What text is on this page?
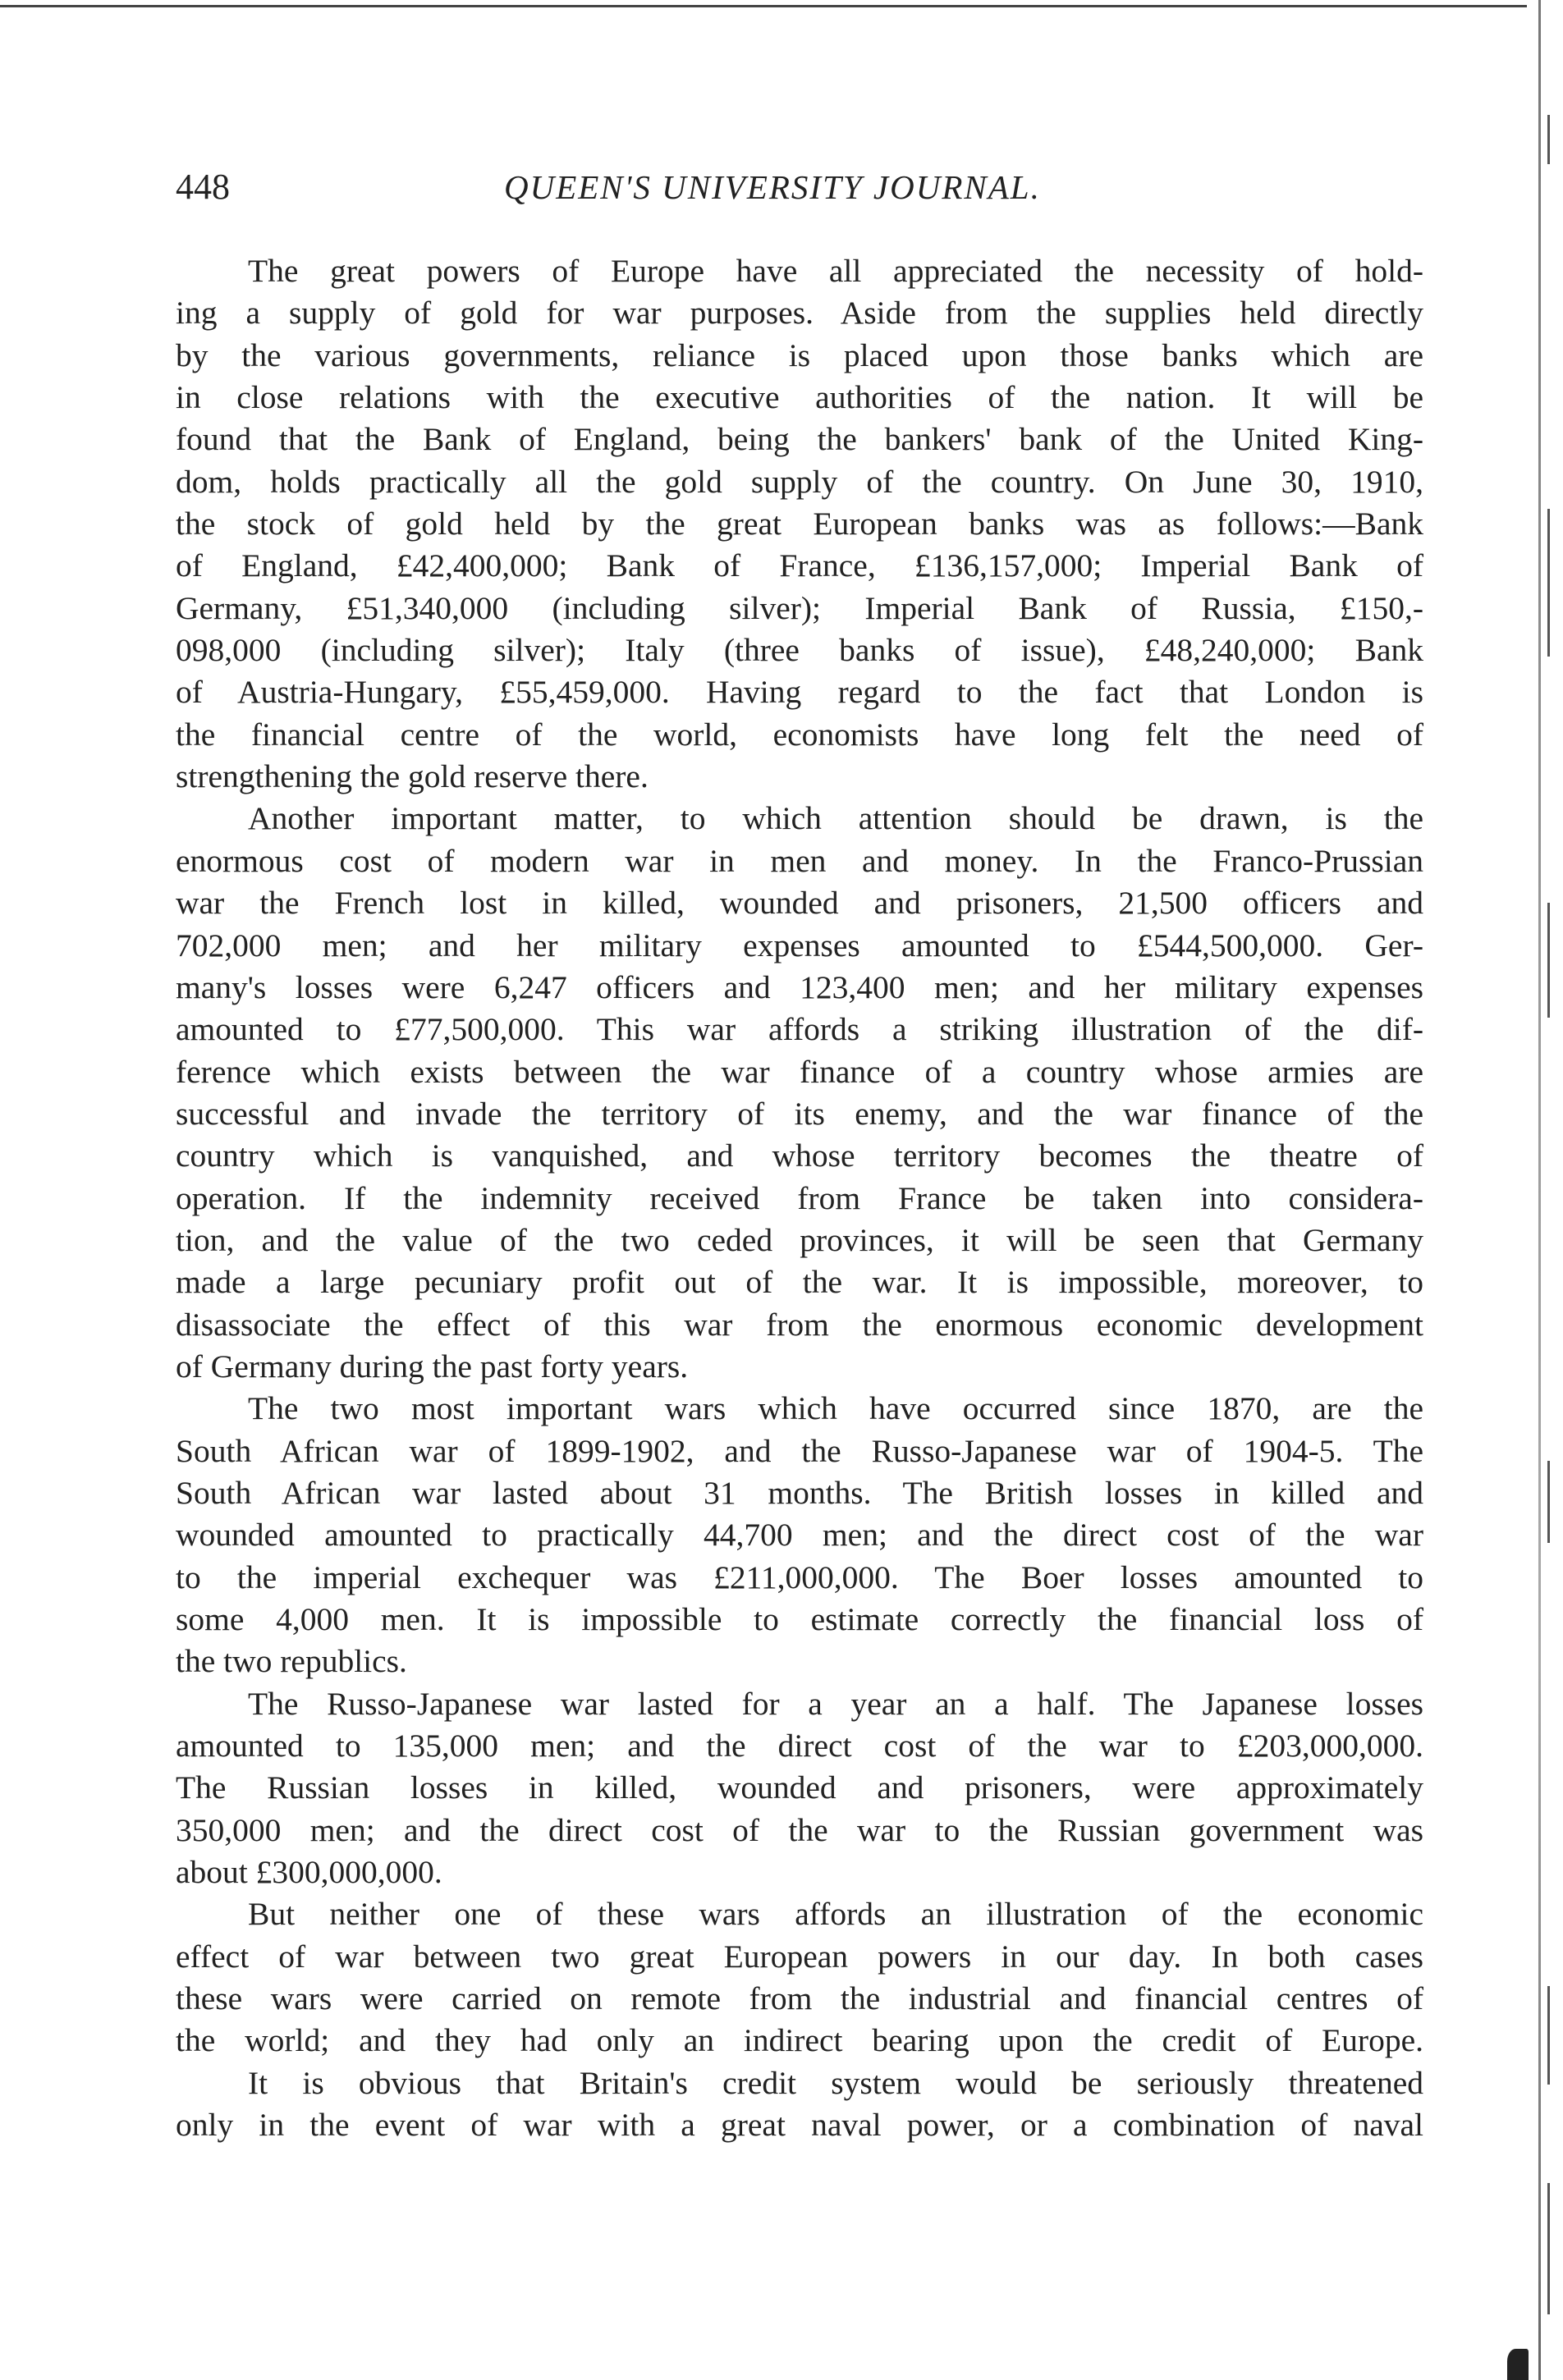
448	QUEEN'S UNIVERSITY JOURNAL.
The great powers of Europe have all appreciated the necessity of hold-
ing a supply of gold for war purposes. Aside from the supplies held directly
by the various governments, reliance is placed upon those banks which are
in close relations with the executive authorities of the nation. It will be
found that the Bank of England, being the bankers' bank of the United King-
dom, holds practically all the gold supply of the country. On June 30, 1910,
the stock of gold held by the great European banks was as follows:—Bank
of England, £42,400,000; Bank of France, £136,157,000; Imperial Bank of
Germany, £51,340,000 (including silver); Imperial Bank of Russia, £150,-
098,000 (including silver); Italy (three banks of issue), £48,240,000; Bank
of Austria-Hungary, £55,459,000. Having regard to the fact that London is
the financial centre of the world, economists have long felt the need of
strengthening the gold reserve there.
Another important matter, to which attention should be drawn, is the
enormous cost of modern war in men and money. In the Franco-Prussian
war the French lost in killed, wounded and prisoners, 21,500 officers and
702,000 men; and her military expenses amounted to £544,500,000. Ger-
many's losses were 6,247 officers and 123,400 men; and her military expenses
amounted to £77,500,000. This war affords a striking illustration of the dif-
ference which exists between the war finance of a country whose armies are
successful and invade the territory of its enemy, and the war finance of the
country which is vanquished, and whose territory becomes the theatre of
operation. If the indemnity received from France be taken into considera-
tion, and the value of the two ceded provinces, it will be seen that Germany
made a large pecuniary profit out of the war. It is impossible, moreover, to
disassociate the effect of this war from the enormous economic development
of Germany during the past forty years.
The two most important wars which have occurred since 1870, are the
South African war of 1899-1902, and the Russo-Japanese war of 1904-5. The
South African war lasted about 31 months. The British losses in killed and
wounded amounted to practically 44,700 men; and the direct cost of the war
to the imperial exchequer was £211,000,000. The Boer losses amounted to
some 4,000 men. It is impossible to estimate correctly the financial loss of
the two republics.
The Russo-Japanese war lasted for a year an a half. The Japanese losses
amounted to 135,000 men; and the direct cost of the war to £203,000,000.
The Russian losses in killed, wounded and prisoners, were approximately
350,000 men; and the direct cost of the war to the Russian government was
about £300,000,000.
But neither one of these wars affords an illustration of the economic
effect of war between two great European powers in our day. In both cases
these wars were carried on remote from the industrial and financial centres of
the world; and they had only an indirect bearing upon the credit of Europe.
It is obvious that Britain's credit system would be seriously threatened
only in the event of war with a great naval power, or a combination of naval
